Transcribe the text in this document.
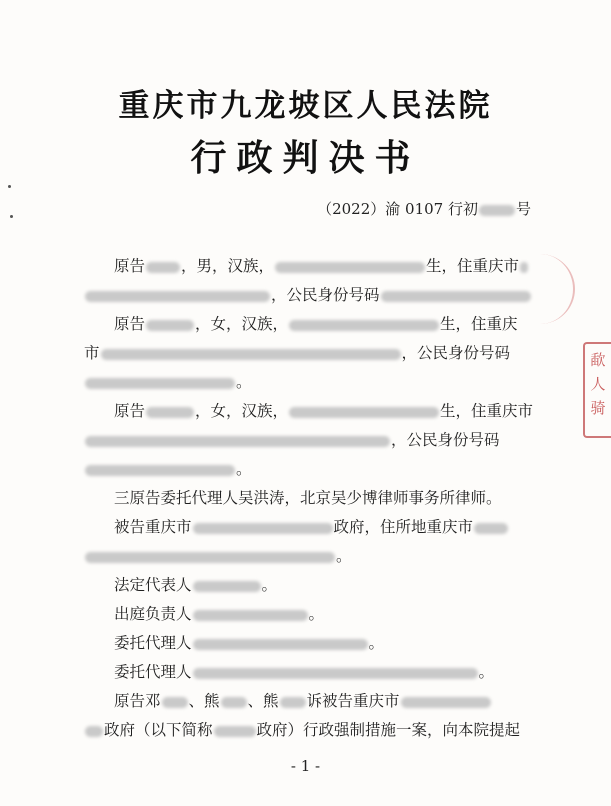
重庆市九龙坡区人民法院
行政判决书
（2022）渝 0107 行初	号
原告 ，男，汉族，	生，住重庆市
，公民身份号码
原告	，女，汉族，	生，住重庆
市	，公民身份号码
。
原告	，女，汉族，	生，住重庆市
，公民身份号码
。
三原告委托代理人吴洪涛，北京吴少博律师事务所律师。
被告重庆市	政府，住所地重庆市
。
法定代表人	。
出庭负责人	。
委托代理人	。
委托代理人	。
原告邓 、熊 、熊 诉被告重庆市
政府（以下简称	政府）行政强制措施一案，向本院提起
- 1 -
歃
人
骑
